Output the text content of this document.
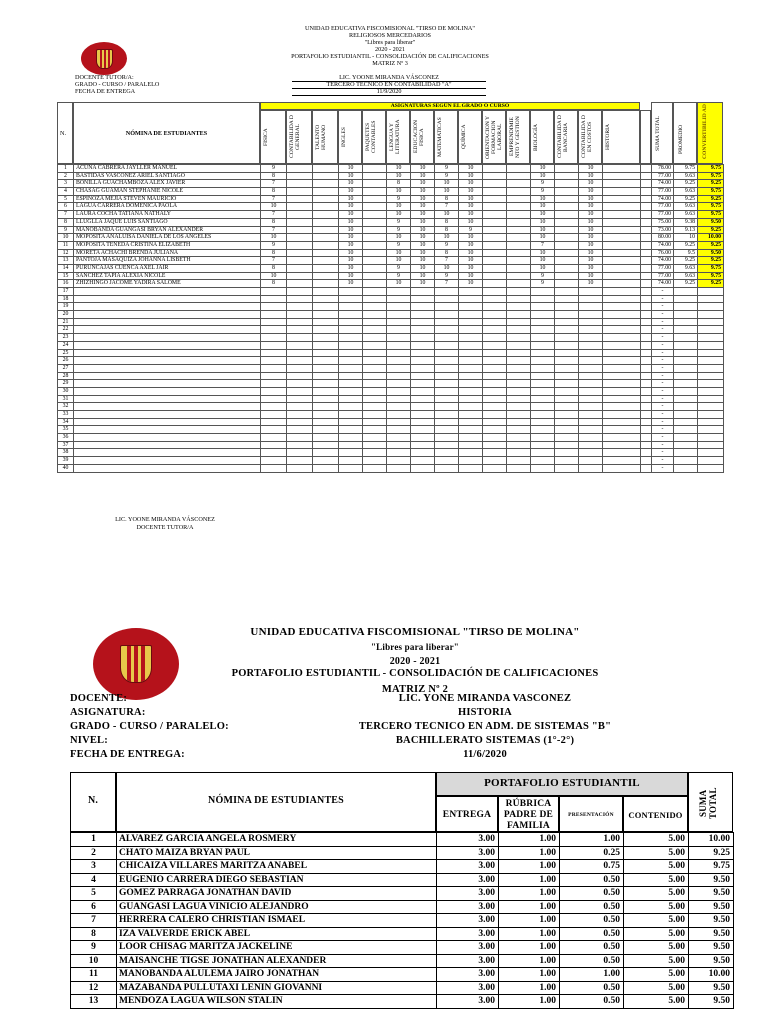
UNIDAD EDUCATIVA FISCOMISIONAL "TIRSO DE MOLINA"
RELIGIOSOS MERCEDARIOS
"Libres para liberar"
2020 - 2021
PORTAFOLIO ESTUDIANTIL - CONSOLIDACIÓN DE CALIFICACIONES
MATRIZ Nº 3
DOCENTE TUTOR/A:
GRADO - CURSO / PARALELO
FECHA DE ENTREGA
LIC. YOONE MIRANDA VÁSCONEZ
TERCERO TECNICO EN CONTABILIDAD "A"
11/9/2020
N.	NÓMINA DE ESTUDIANTES
ASIGNATURAS SEGÚN EL GRADO O CURSO
FISICA	CONTABILIDA D GENERAL	TALENTO HUMANO	INGLES	PAQUETES CONTABLES	LENGUA Y LITERATURA	EDUCACION FISICA	MATEMATICAS	QUÍMICA	ORIENTACION Y FORMACION LABORAL EMPRENDIMIE NTO Y GESTION	BIOLOGÍA	CONTABILIDA D BANCARIA	CONTABILIDA D EN COSTOS	HISTORIA	SUMA TOTAL	PROMEDIO	CONVERTIBILID AD
1	ACUÑA CABRERA JAYLLER MANUEL	9			10		10	10	9	10			10		10			78.00	9.75	9.75
2	BASTIDAS VASCONEZ ARIEL SANTIAGO	8			10		10	10	9	10			10		10			77.00	9.63	9.75
3	BONILLA GUACHAMBOZA ALEX JAVIER	7			10		8	10	10	10			9		10			74.00	9.25	9.25
4	CHASAG GUAMAN STEPHANIE NICOLE	8			10		10	10	10	10			9		10			77.00	9.63	9.75
5	ESPINOZA MEJIA STEVEN MAURICIO	7			10		9	10	8	10			10		10			74.00	9.25	9.25
6	LAGUA CARRERA DOMENICA PAOLA	10			10		10	10	7	10			10		10			77.00	9.63	9.75
7	LAURA COCHA TATIANA NATHALY	7			10		10	10	10	10			10		10			77.00	9.63	9.75
8	LLUGLLA JAQUE LUIS SANTIAGO	8			10		9	10	8	10			10		10			75.00	9.38	9.50
9	MANOBANDA GUANGASI BRYAN ALEXANDER	7			10		9	10	8	9			10		10			73.00	9.13	9.25
10	MOPOSITA ANALUISA DANIELA DE LOS ANGELES	10			10		10	10	10	10			10		10			80.00	10	10.00
11	MOPOSITA TENEDA CRISTINA ELIZABETH	9			10		9	10	9	10			7		10			74.00	9.25	9.25
12	MORETA ACHACHI BRENDA JULIANA	8			10		10	10	8	10			10		10			76.00	9.5	9.50
13	PANTOJA MASAQUIZA JOHANNA LISBETH	7			10		10	10	7	10			10		10			74.00	9.25	9.25
14	PURUNCAJAS CUENCA AXEL JAIR	8			10		9	10	10	10			10		10			77.00	9.63	9.75
15	SANCHEZ TAPIA ALEXIA NICOLE	10			10		9	10	9	10			9		10			77.00	9.63	9.75
16	ZHIZHINGO JACOME YADIRA SALOME	8			10		10	10	7	10			9		10			74.00	9.25	9.25
17																		-		
18																		-		
19																		-		
20																		-		
21																		-		
22																		-		
23																		-		
24																		-		
25																		-		
26																		-		
27																		-		
28																		-		
29																		-		
30																		-		
31																		-		
32																		-		
33																		-		
34																		-		
35																		-		
36																		-		
37																		-		
38																		-		
39																		-		
40																		-		
LIC. YOONE MIRANDA VÁSCONEZ
DOCENTE TUTOR/A
UNIDAD EDUCATIVA FISCOMISIONAL "TIRSO DE MOLINA"
"Libres para liberar"
2020 - 2021
PORTAFOLIO ESTUDIANTIL - CONSOLIDACIÓN DE CALIFICACIONES
MATRIZ Nº 2
DOCENTE:	LIC. YONE MIRANDA VASCONEZ
ASIGNATURA:	HISTORIA
GRADO - CURSO / PARALELO:	TERCERO TECNICO EN ADM. DE SISTEMAS "B"
NIVEL:	BACHILLERATO SISTEMAS (1°-2°)
FECHA DE ENTREGA:	11/6/2020
N.	NÓMINA DE ESTUDIANTES
PORTAFOLIO ESTUDIANTIL
ENTREGA
RÚBRICA PADRE DE FAMILIA
PRESENTACIÓN	CONTENIDO	SUMA TOTAL
1	ALVAREZ GARCIA ANGELA ROSMERY	3.00	1.00	1.00	5.00	10.00
2	CHATO MAIZA BRYAN PAUL	3.00	1.00	0.25	5.00	9.25
3	CHICAIZA VILLARES MARITZA ANABEL	3.00	1.00	0.75	5.00	9.75
4	EUGENIO CARRERA DIEGO SEBASTIAN	3.00	1.00	0.50	5.00	9.50
5	GOMEZ PARRAGA JONATHAN DAVID	3.00	1.00	0.50	5.00	9.50
6	GUANGASI LAGUA VINICIO ALEJANDRO	3.00	1.00	0.50	5.00	9.50
7	HERRERA CALERO CHRISTIAN ISMAEL	3.00	1.00	0.50	5.00	9.50
8	IZA VALVERDE ERICK ABEL	3.00	1.00	0.50	5.00	9.50
9	LOOR CHISAG MARITZA JACKELINE	3.00	1.00	0.50	5.00	9.50
10	MAISANCHE TIGSE JONATHAN ALEXANDER	3.00	1.00	0.50	5.00	9.50
11	MANOBANDA ALULEMA JAIRO JONATHAN	3.00	1.00	1.00	5.00	10.00
12	MAZABANDA PULLUTAXI LENIN GIOVANNI	3.00	1.00	0.50	5.00	9.50
13	MENDOZA LAGUA WILSON STALIN	3.00	1.00	0.50	5.00	9.50
